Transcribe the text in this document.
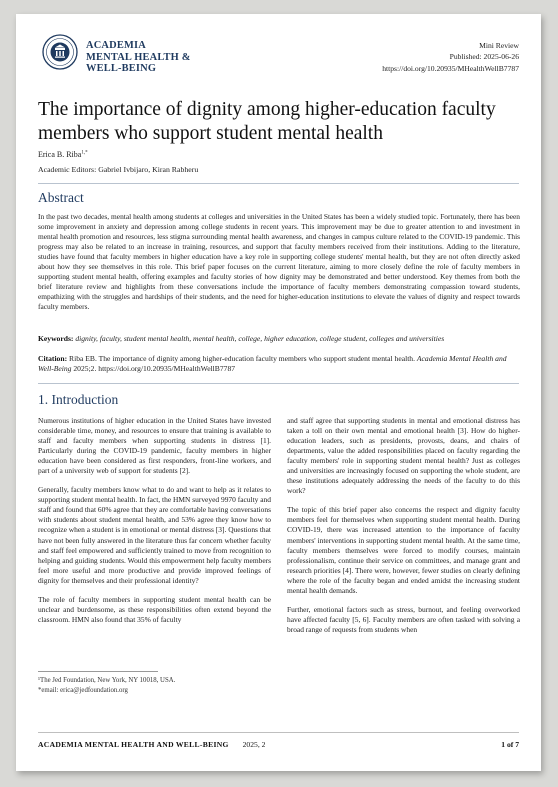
ACADEMIA
MENTAL HEALTH &
WELL-BEING
Mini Review
Published: 2025-06-26
https://doi.org/10.20935/MHealthWellB7787
The importance of dignity among higher-education faculty members who support student mental health
Erica B. Riba$^{1,*}$
Academic Editors: Gabriel Ivbijaro, Kiran Rabheru
Abstract

In the past two decades, mental health among students at colleges and universities in the United States has been a widely studied topic. Fortunately, there has been some improvement in anxiety and depression among college students in recent years. This improvement may be due to greater attention to and investment in mental health promotion and resources, less stigma surrounding mental health awareness, and changes in campus culture related to the COVID-19 pandemic. This progress may also be related to an increase in training, resources, and support that faculty members received from their institutions. Adding to the literature, studies have found that faculty members in higher education have a key role in supporting college students' mental health, but they are not often directly asked about how they see themselves in this role. This brief paper focuses on the current literature, aiming to more closely define the role of faculty members in supporting student mental health, offering examples and faculty stories of how dignity may be demonstrated and better understood. Key themes from both the brief literature review and highlights from these conversations include the importance of faculty members demonstrating compassion toward students, empathizing with the struggles and hardships of their students, and the need for higher-education institutions to elevate the values of dignity and respect towards faculty members.

Keywords: dignity, faculty, student mental health, mental health, college, higher education, college student, colleges and universities

Citation: Riba EB. The importance of dignity among higher-education faculty members who support student mental health. Academia Mental Health and Well-Being 2025;2. https://doi.org/10.20935/MHealthWellB7787

1. Introduction

Numerous institutions of higher education in the United States have invested considerable time, money, and resources to ensure that training is available to staff and faculty members when supporting students in distress [1]. Particularly during the COVID-19 pandemic, faculty members in higher education have been considered as first responders, front-line workers, and part of a university web of support for students [2].

Generally, faculty members know what to do and want to help as it relates to supporting student mental health. In fact, the HMN surveyed 9970 faculty and staff and found that 60% agree that they are comfortable having conversations with students about student mental health, and 53% agree they know how to recognize when a student is in emotional or mental distress [3]. Questions that have not been fully answered in the literature thus far concern whether faculty and staff feel empowered and sufficiently trained to move from recognition to helping and guiding students. Would this empowerment help faculty members feel more useful and more productive and provide improved feelings of dignity for themselves and their professional identity?

The role of faculty members in supporting student mental health can be unclear and burdensome, as these responsibilities often extend beyond the classroom. HMN also found that 35% of faculty

and staff agree that supporting students in mental and emotional distress has taken a toll on their own mental and emotional health [3]. How do higher-education leaders, such as presidents, provosts, deans, and chairs of departments, value the added responsibilities placed on faculty regarding the faculty members' role in supporting student mental health? Just as colleges and universities are increasingly focused on supporting the whole student, are these institutions adequately addressing the needs of the faculty to do this work?

The topic of this brief paper also concerns the respect and dignity faculty members feel for themselves when supporting student mental health. During COVID-19, there was increased attention to the importance of faculty members' interventions in supporting student mental health. At the same time, faculty members themselves were forced to modify courses, maintain professionalism, continue their service on committees, and manage grant and research priorities [4]. There were, however, fewer studies on clearly defining where the role of the faculty began and ended amidst the increasing student mental health demands.

Further, emotional factors such as stress, burnout, and feeling overworked have affected faculty [5, 6]. Faculty members are often tasked with solving a broad range of requests from students when

¹The Jed Foundation, New York, NY 10018, USA.
*email: erica@jedfoundation.org
ACADEMIA MENTAL HEALTH AND WELL-BEING 2025, 2	1 of 7
